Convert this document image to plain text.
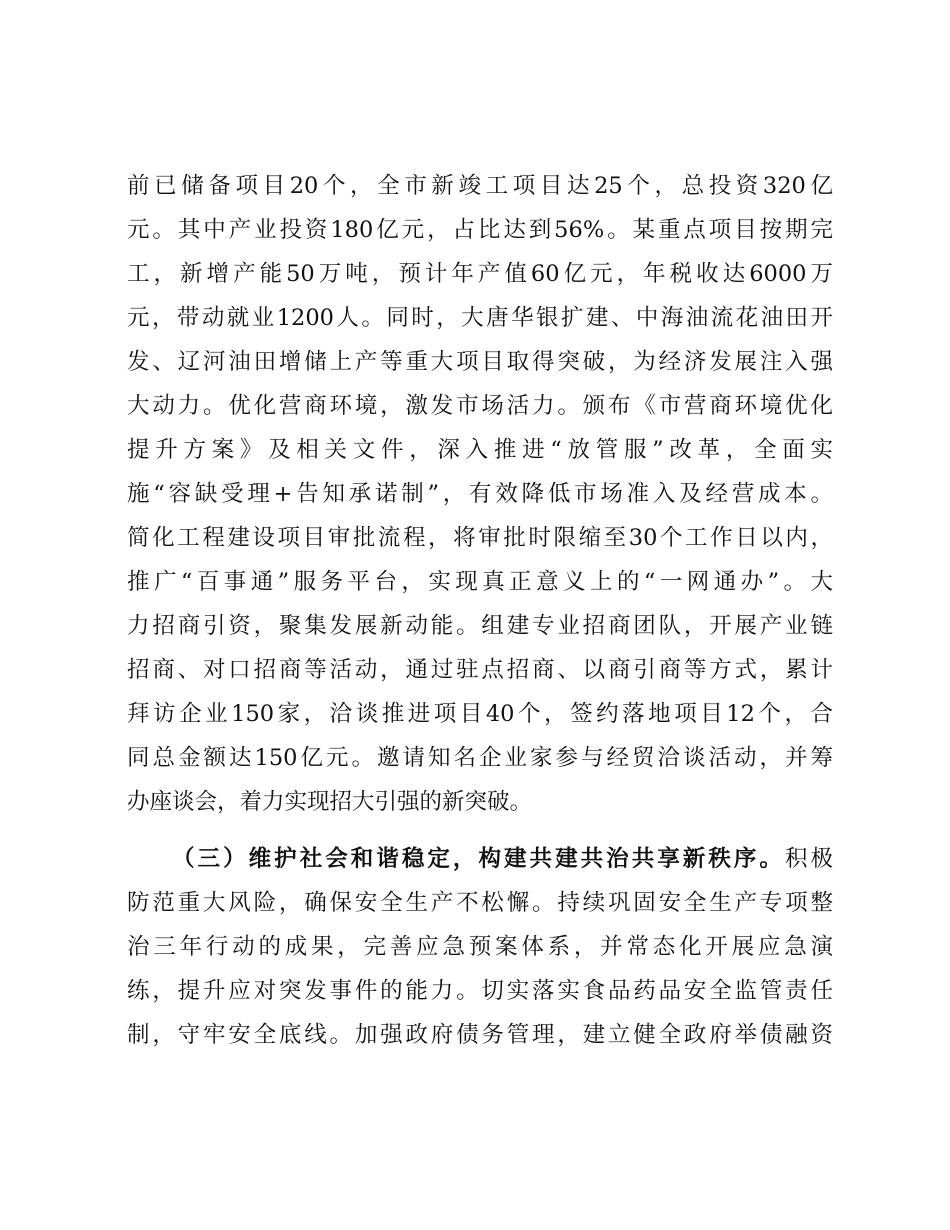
前已储备项目20个，全市新竣工项目达25个，总投资320亿
元。其中产业投资180亿元，占比达到56%。某重点项目按期完
工，新增产能50万吨，预计年产值60亿元，年税收达6000万
元，带动就业1200人。同时，大唐华银扩建、中海油流花油田开
发、辽河油田增储上产等重大项目取得突破，为经济发展注入强
大动力。优化营商环境，激发市场活力。颁布《市营商环境优化
提升方案》及相关文件，深入推进“放管服”改革，全面实
施“容缺受理+告知承诺制”，有效降低市场准入及经营成本。
简化工程建设项目审批流程，将审批时限缩至30个工作日以内，
推广“百事通”服务平台，实现真正意义上的“一网通办”。大
力招商引资，聚集发展新动能。组建专业招商团队，开展产业链
招商、对口招商等活动，通过驻点招商、以商引商等方式，累计
拜访企业150家，洽谈推进项目40个，签约落地项目12个，合
同总金额达150亿元。邀请知名企业家参与经贸洽谈活动，并筹
办座谈会，着力实现招大引强的新突破。
（三）维护社会和谐稳定，构建共建共治共享新秩序。积极
防范重大风险，确保安全生产不松懈。持续巩固安全生产专项整
治三年行动的成果，完善应急预案体系，并常态化开展应急演
练，提升应对突发事件的能力。切实落实食品药品安全监管责任
制，守牢安全底线。加强政府债务管理，建立健全政府举债融资
